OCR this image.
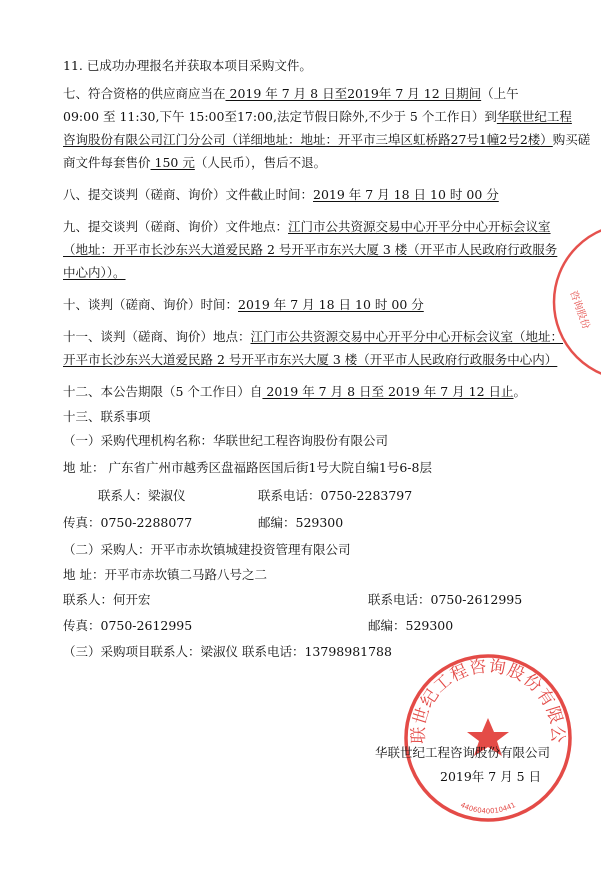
11. 已成功办理报名并获取本项目采购文件。
七、符合资格的供应商应当在 2019 年 7 月 8 日至2019年 7 月 12 日期间（上午
09:00 至 11:30,下午 15:00至17:00,法定节假日除外,不少于 5 个工作日）到华联世纪工程
咨询股份有限公司江门分公司（详细地址：地址：开平市三埠区虹桥路27号1幢2号2楼）购买磋
商文件每套售价 150 元（人民币），售后不退。
八、提交谈判（磋商、询价）文件截止时间：2019 年 7 月 18 日 10 时 00 分
九、提交谈判（磋商、询价）文件地点：江门市公共资源交易中心开平分中心开标会议室
（地址：开平市长沙东兴大道爱民路 2 号开平市东兴大厦 3 楼（开平市人民政府行政服务
中心内））。
十、谈判（磋商、询价）时间：2019 年 7 月 18 日 10 时 00 分
十一、谈判（磋商、询价）地点：江门市公共资源交易中心开平分中心开标会议室（地址：
开平市长沙东兴大道爱民路 2 号开平市东兴大厦 3 楼（开平市人民政府行政服务中心内）
十二、本公告期限（5 个工作日）自 2019 年 7 月 8 日至 2019 年 7 月 12 日止。
十三、联系事项
（一）采购代理机构名称：华联世纪工程咨询股份有限公司
地 址： 广东省广州市越秀区盘福路医国后街1号大院自编1号6-8层
联系人：梁淑仪	联系电话：0750-2283797
传真：0750-2288077	邮编：529300
（二）采购人：开平市赤坎镇城建投资管理有限公司
地 址：开平市赤坎镇二马路八号之二
联系人：何开宏	联系电话：0750-2612995
传真：0750-2612995	邮编：529300
（三）采购项目联系人：梁淑仪 联系电话：13798981788
咨询股份
联世纪工程咨询股份有限公
4406040010441
华联世纪工程咨询股份有限公司
2019年 7 月 5 日
